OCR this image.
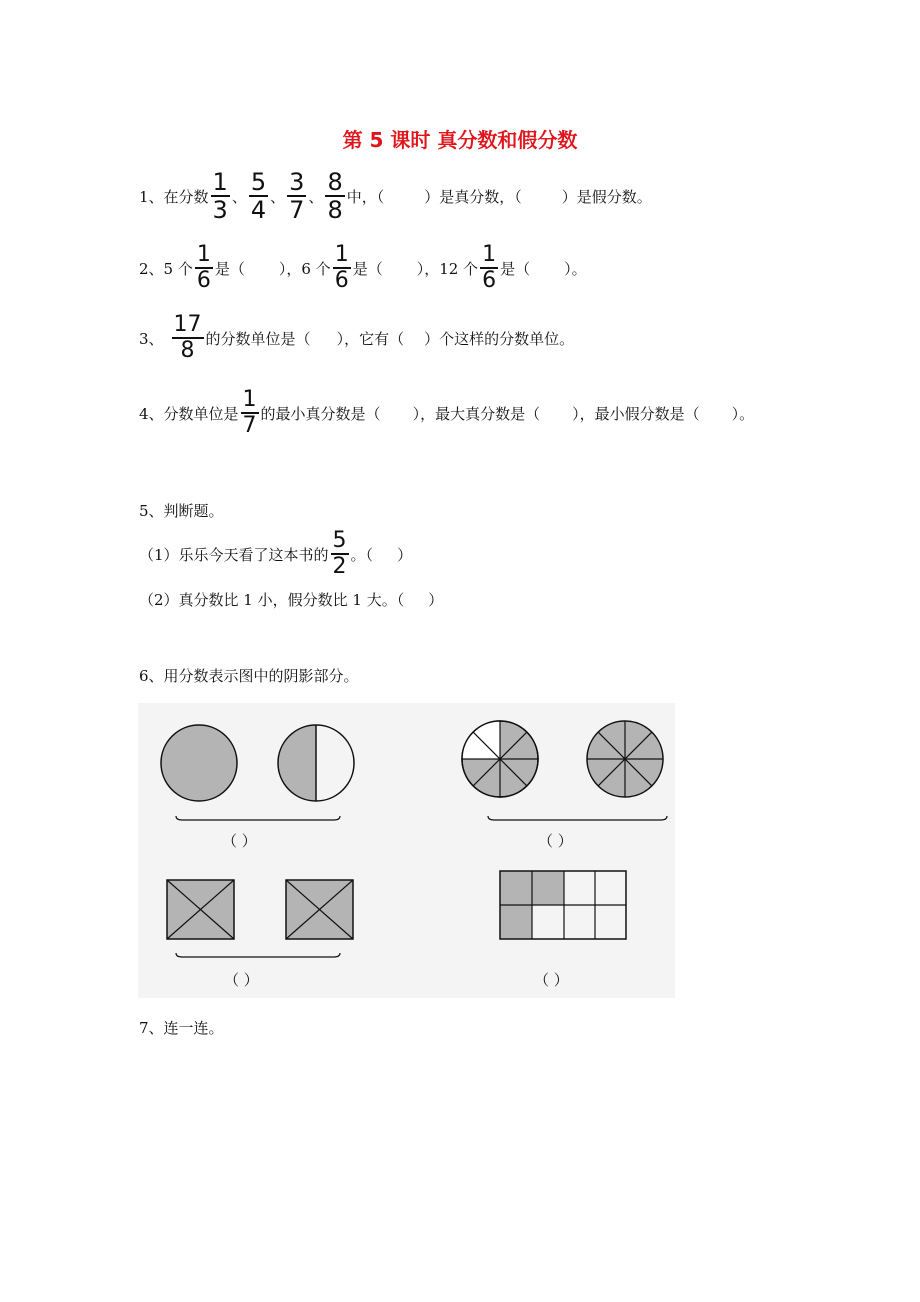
第 5 课时 真分数和假分数
1、在分数 $\frac{1}{3}$ 、 $\frac{5}{4}$ 、 $\frac{3}{7}$ 、 $\frac{8}{8}$ 中，（	）是真分数，（	）是假分数。
2、5 个 $\frac{1}{6}$ 是（ ），6 个 $\frac{1}{6}$ 是（ ），12 个 $\frac{1}{6}$ 是（ ）。
3、 $\frac{17}{8}$ 的分数单位是（ ），它有（ ）个这样的分数单位。
4、分数单位是 $\frac{1}{7}$ 的最小真分数是（ ），最大真分数是（ ），最小假分数是（ ）。
5、判断题。
（1）乐乐今天看了这本书的 $\frac{5}{2}$ 。（ ）
（2）真分数比 1 小，假分数比 1 大。（ ）
6、用分数表示图中的阴影部分。
（ ）	（ ）
（ ）	（ ）
7、连一连。
